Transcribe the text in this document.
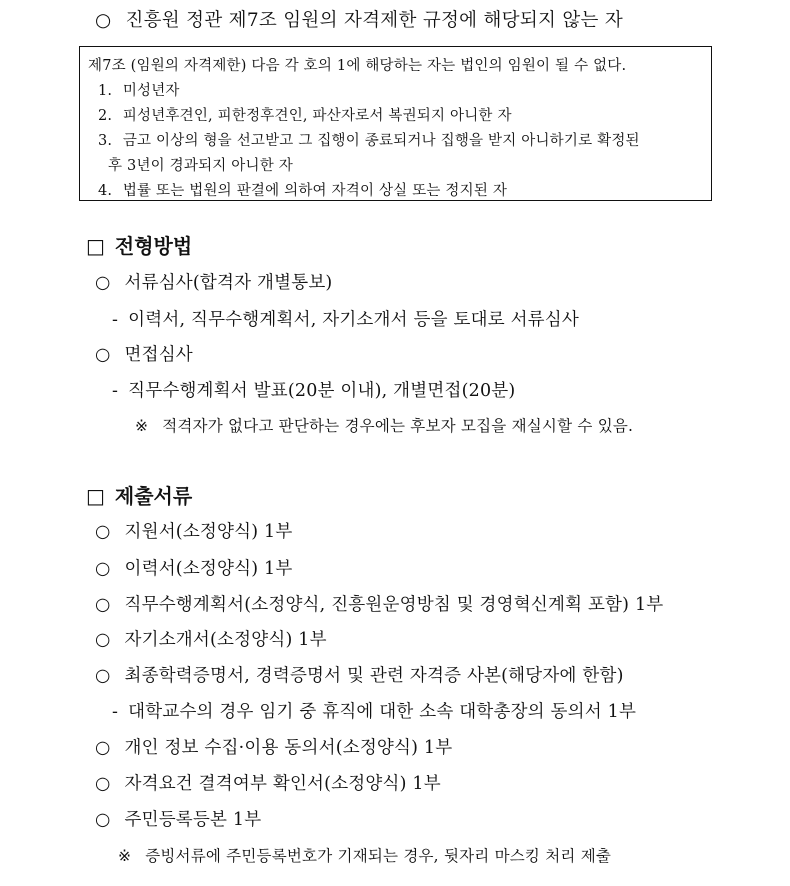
○ 진흥원 정관 제7조 임원의 자격제한 규정에 해당되지 않는 자
제7조 (임원의 자격제한) 다음 각 호의 1에 해당하는 자는 법인의 임원이 될 수 없다.
1. 미성년자
2. 피성년후견인, 피한정후견인, 파산자로서 복권되지 아니한 자
3. 금고 이상의 형을 선고받고 그 집행이 종료되거나 집행을 받지 아니하기로 확정된
후 3년이 경과되지 아니한 자
4. 법률 또는 법원의 판결에 의하여 자격이 상실 또는 정지된 자
□ 전형방법
○ 서류심사(합격자 개별통보)
- 이력서, 직무수행계획서, 자기소개서 등을 토대로 서류심사
○ 면접심사
- 직무수행계획서 발표(20분 이내), 개별면접(20분)
※ 적격자가 없다고 판단하는 경우에는 후보자 모집을 재실시할 수 있음.
□ 제출서류
○ 지원서(소정양식) 1부
○ 이력서(소정양식) 1부
○ 직무수행계획서(소정양식, 진흥원운영방침 및 경영혁신계획 포함) 1부
○ 자기소개서(소정양식) 1부
○ 최종학력증명서, 경력증명서 및 관련 자격증 사본(해당자에 한함)
- 대학교수의 경우 임기 중 휴직에 대한 소속 대학총장의 동의서 1부
○ 개인 정보 수집·이용 동의서(소정양식) 1부
○ 자격요건 결격여부 확인서(소정양식) 1부
○ 주민등록등본 1부
※ 증빙서류에 주민등록번호가 기재되는 경우, 뒷자리 마스킹 처리 제출
